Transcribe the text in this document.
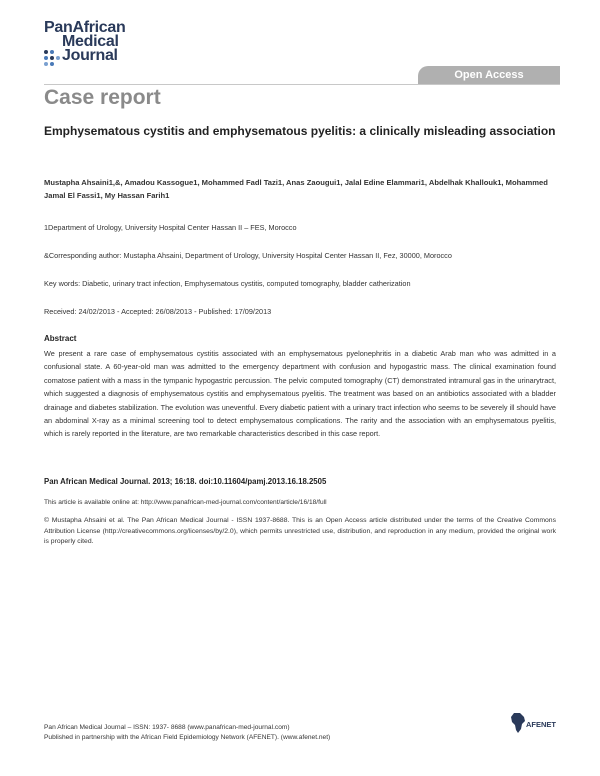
PanAfrican
Medical
Journal
Open Access
Case report
Emphysematous cystitis and emphysematous pyelitis: a clinically misleading association
Mustapha Ahsaini1,&, Amadou Kassogue1, Mohammed Fadl Tazi1, Anas Zaougui1, Jalal Edine Elammari1, Abdelhak Khallouk1, Mohammed Jamal El Fassi1, My Hassan Farih1
1Department of Urology, University Hospital Center Hassan II – FES, Morocco
&Corresponding author: Mustapha Ahsaini, Department of Urology, University Hospital Center Hassan II, Fez, 30000, Morocco
Key words: Diabetic, urinary tract infection, Emphysematous cystitis, computed tomography, bladder catherization
Received: 24/02/2013 - Accepted: 26/08/2013 - Published: 17/09/2013
Abstract
We present a rare case of emphysematous cystitis associated with an emphysematous pyelonephritis in a diabetic Arab man who was admitted in a confusional state. A 60-year-old man was admitted to the emergency department with confusion and hypogastric mass. The clinical examination found comatose patient with a mass in the tympanic hypogastric percussion. The pelvic computed tomography (CT) demonstrated intramural gas in the urinarytract, which suggested a diagnosis of emphysematous cystitis and emphysematous pyelitis. The treatment was based on an antibiotics associated with a bladder drainage and diabetes stabilization. The evolution was uneventful. Every diabetic patient with a urinary tract infection who seems to be severely ill should have an abdominal X-ray as a minimal screening tool to detect emphysematous complications. The rarity and the association with an emphysematous pyelitis, which is rarely reported in the literature, are two remarkable characteristics described in this case report.
Pan African Medical Journal. 2013; 16:18. doi:10.11604/pamj.2013.16.18.2505
This article is available online at: http://www.panafrican-med-journal.com/content/article/16/18/full
© Mustapha Ahsaini et al. The Pan African Medical Journal - ISSN 1937-8688. This is an Open Access article distributed under the terms of the Creative Commons Attribution License (http://creativecommons.org/licenses/by/2.0), which permits unrestricted use, distribution, and reproduction in any medium, provided the original work is properly cited.
Pan African Medical Journal – ISSN: 1937- 8688 (www.panafrican-med-journal.com)
Published in partnership with the African Field Epidemiology Network (AFENET). (www.afenet.net)
AFENET
